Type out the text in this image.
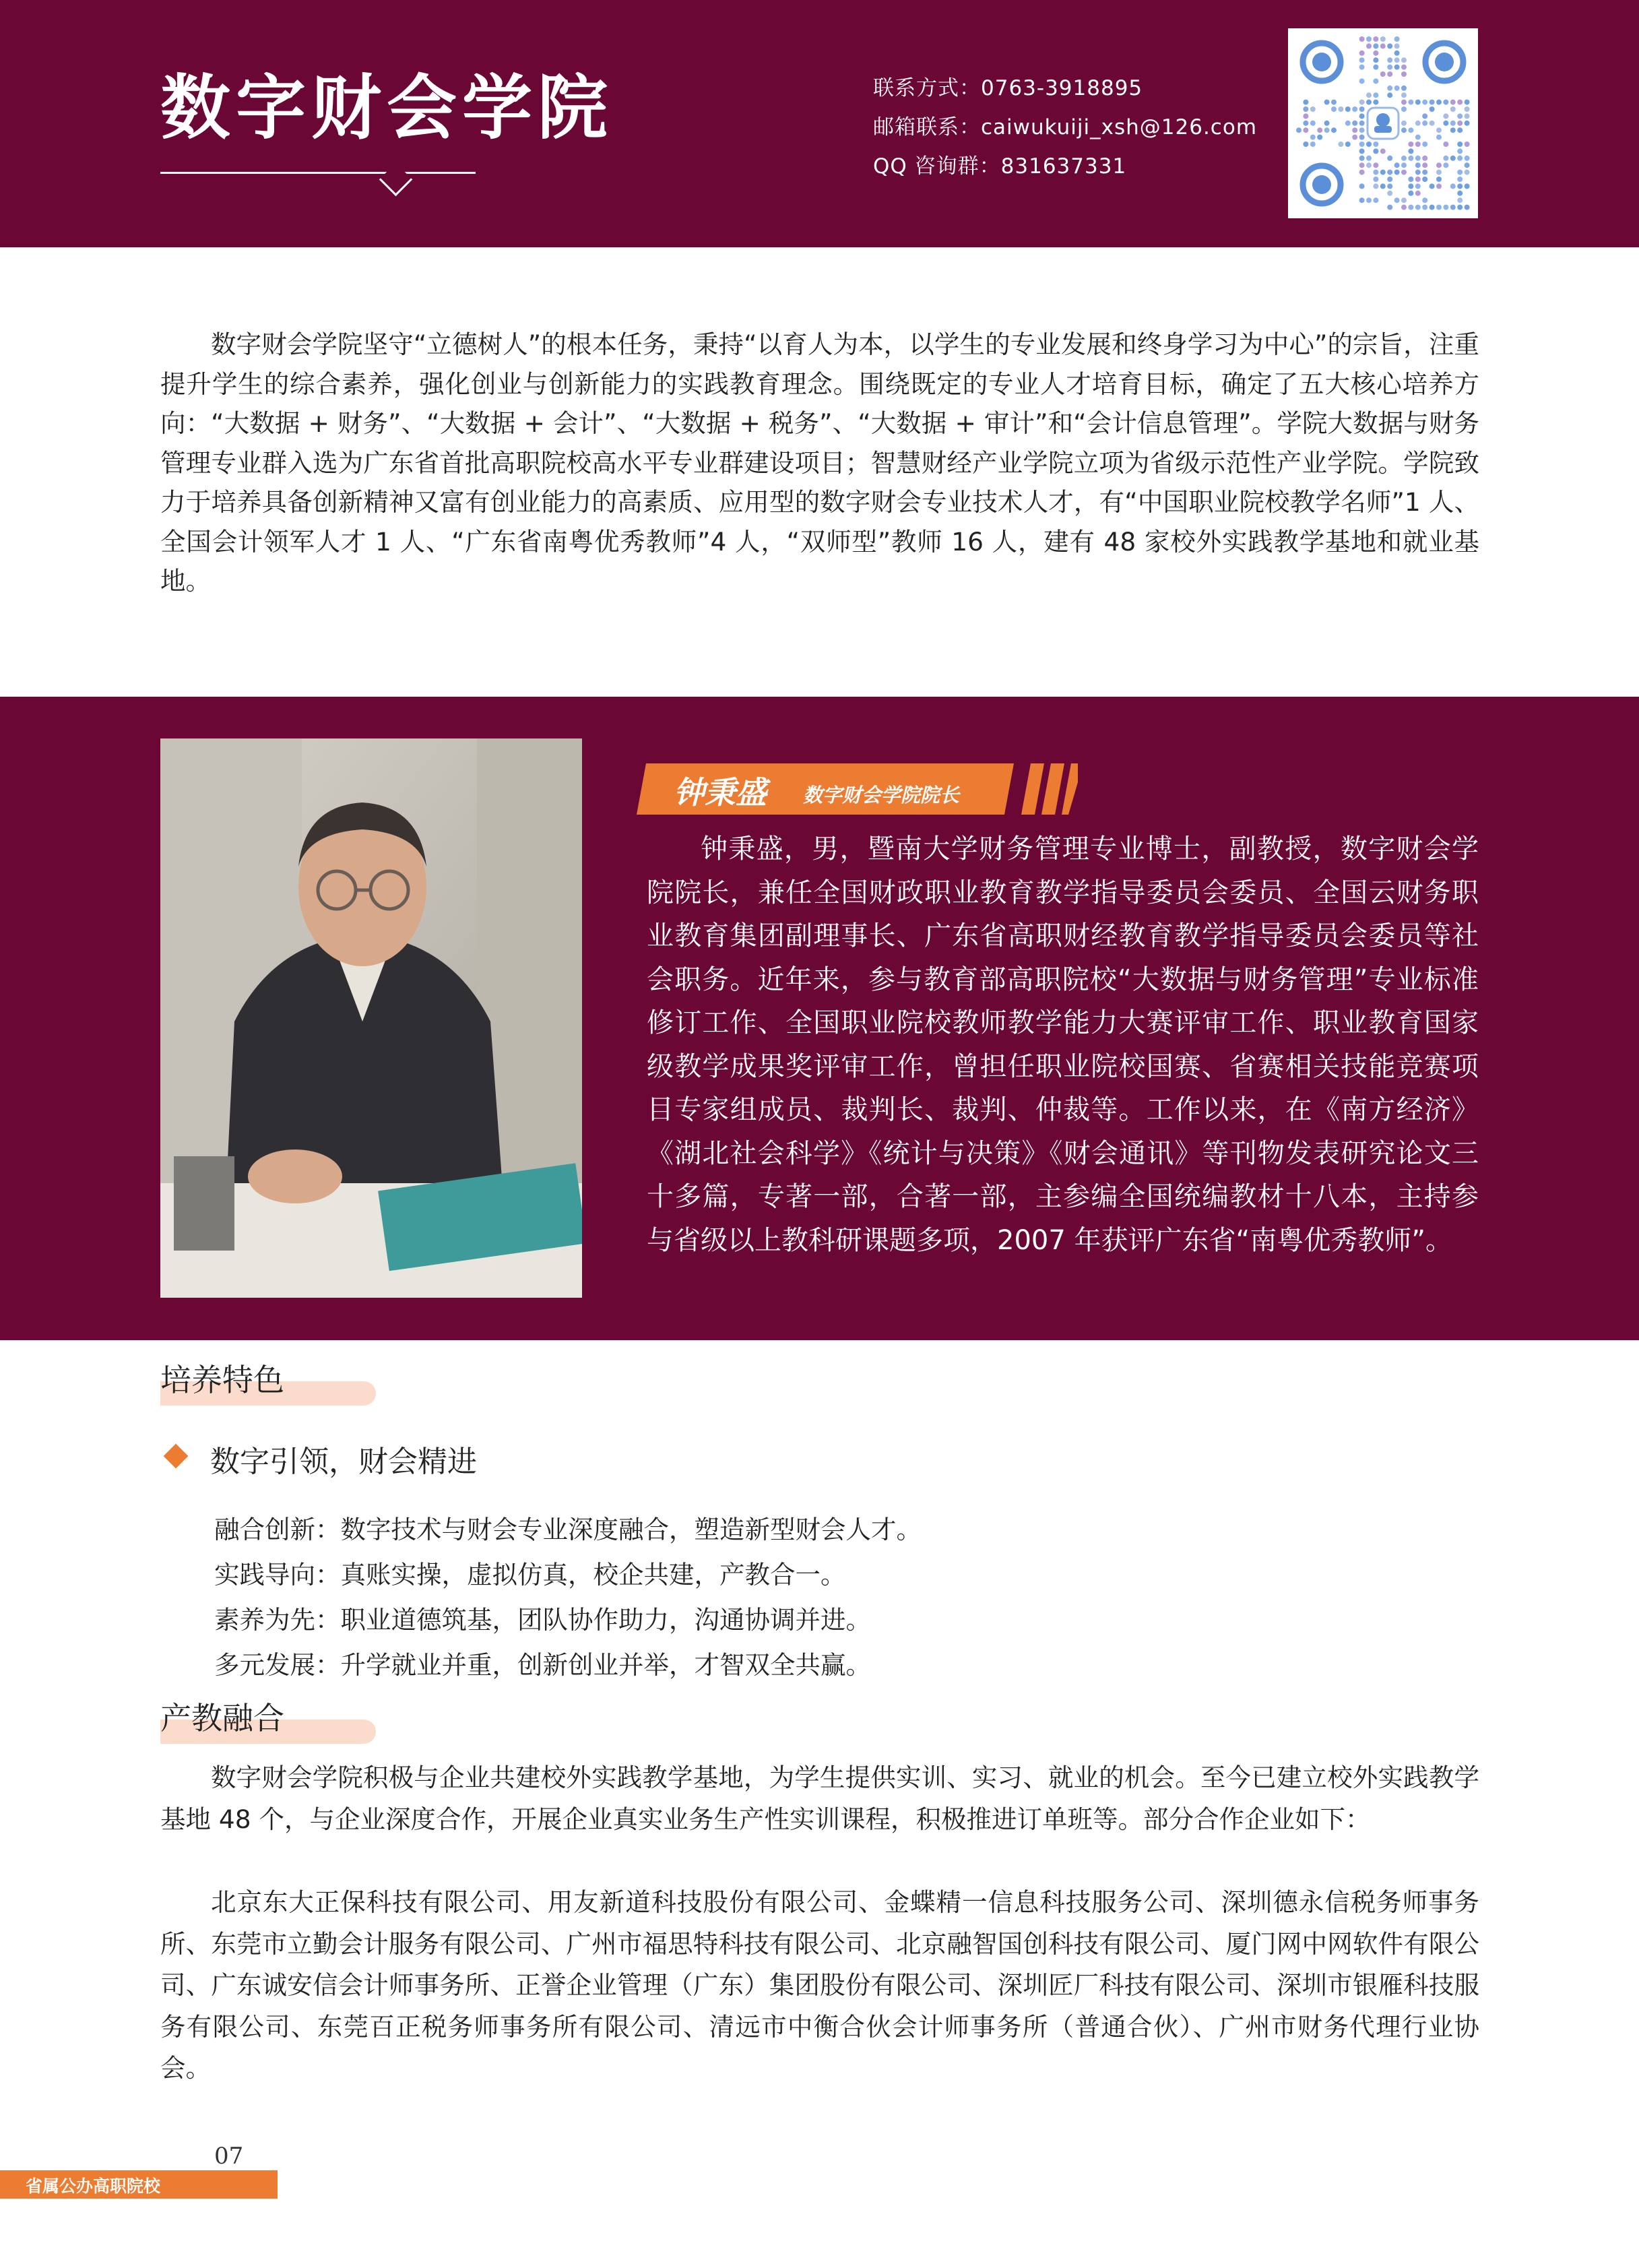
数字财会学院	联系方式：0763-3918895
邮箱联系：caiwukuiji_xsh@126.com
QQ 咨询群：831637331

数字财会学院坚守“立德树人”的根本任务，秉持“以育人为本，以学生的专业发展和终身学习为中心”的宗旨，注重提升学生的综合素养，强化创业与创新能力的实践教育理念。围绕既定的专业人才培育目标，确定了五大核心培养方向：“大数据 + 财务”、“大数据 + 会计”、“大数据 + 税务”、“大数据 + 审计”和“会计信息管理”。学院大数据与财务管理专业群入选为广东省首批高职院校高水平专业群建设项目；智慧财经产业学院立项为省级示范性产业学院。学院致力于培养具备创新精神又富有创业能力的高素质、应用型的数字财会专业技术人才，有“中国职业院校教学名师”1 人、全国会计领军人才 1 人、“广东省南粤优秀教师”4 人，“双师型”教师 16 人，建有 48 家校外实践教学基地和就业基地。

钟秉盛 数字财会学院院长

钟秉盛，男，暨南大学财务管理专业博士，副教授，数字财会学院院长，兼任全国财政职业教育教学指导委员会委员、全国云财务职业教育集团副理事长、广东省高职财经教育教学指导委员会委员等社会职务。近年来，参与教育部高职院校“大数据与财务管理”专业标准修订工作、全国职业院校教师教学能力大赛评审工作、职业教育国家级教学成果奖评审工作，曾担任职业院校国赛、省赛相关技能竞赛项目专家组成员、裁判长、裁判、仲裁等。工作以来，在《南方经济》《湖北社会科学》《统计与决策》《财会通讯》等刊物发表研究论文三十多篇，专著一部，合著一部，主参编全国统编教材十八本，主持参与省级以上教科研课题多项，2007 年获评广东省“南粤优秀教师”。

培养特色
数字引领，财会精进
融合创新：数字技术与财会专业深度融合，塑造新型财会人才。
实践导向：真账实操，虚拟仿真，校企共建，产教合一。
素养为先：职业道德筑基，团队协作助力，沟通协调并进。
多元发展：升学就业并重，创新创业并举，才智双全共赢。
产教融合

数字财会学院积极与企业共建校外实践教学基地，为学生提供实训、实习、就业的机会。至今已建立校外实践教学基地 48 个，与企业深度合作，开展企业真实业务生产性实训课程，积极推进订单班等。部分合作企业如下：

北京东大正保科技有限公司、用友新道科技股份有限公司、金蝶精一信息科技服务公司、深圳德永信税务师事务所、东莞市立勤会计服务有限公司、广州市福思特科技有限公司、北京融智国创科技有限公司、厦门网中网软件有限公司、广东诚安信会计师事务所、正誉企业管理（广东）集团股份有限公司、深圳匠厂科技有限公司、深圳市银雁科技服务有限公司、东莞百正税务师事务所有限公司、清远市中衡合伙会计师事务所（普通合伙）、广州市财务代理行业协会。

省属公办高职院校
07
